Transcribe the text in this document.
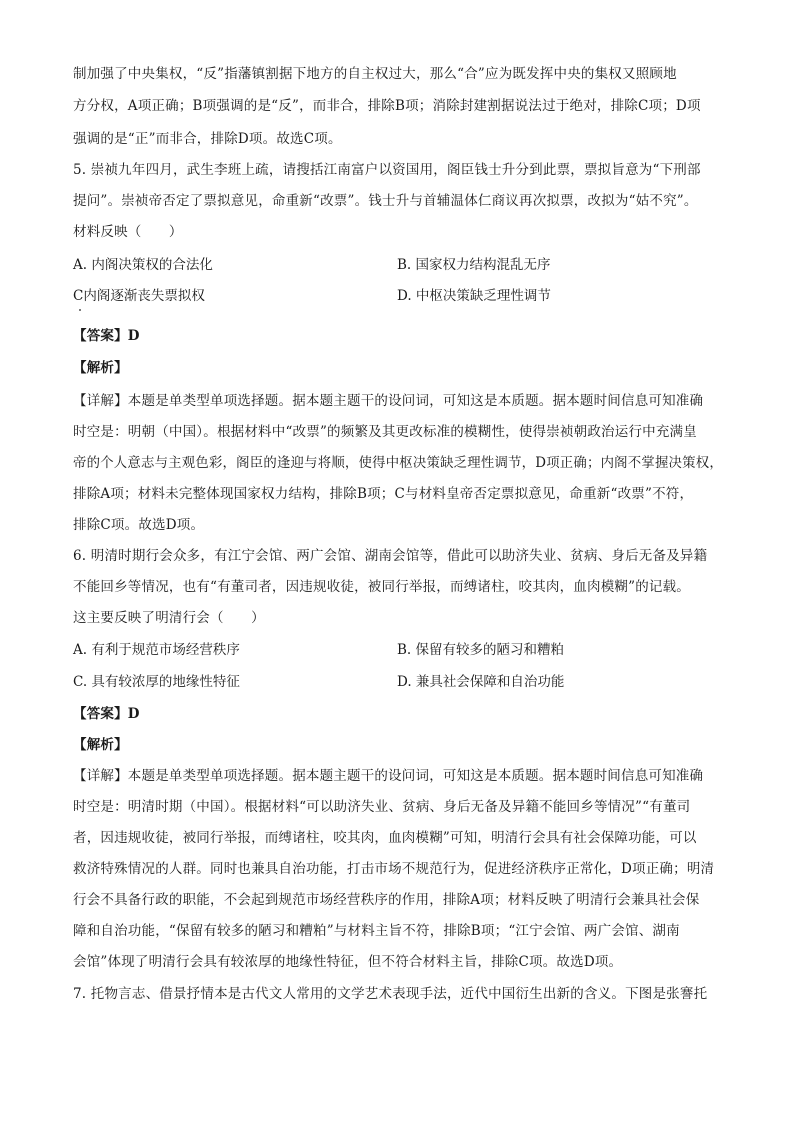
制加强了中央集权，“反”指藩镇割据下地方的自主权过大，那么“合”应为既发挥中央的集权又照顾地
方分权，A项正确；B项强调的是“反”，而非合，排除B项；消除封建割据说法过于绝对，排除C项；D项
强调的是“正”而非合，排除D项。故选C项。
5. 崇祯九年四月，武生李班上疏，请搜括江南富户以资国用，阁臣钱士升分到此票，票拟旨意为“下刑部
提问”。崇祯帝否定了票拟意见，命重新“改票”。钱士升与首辅温体仁商议再次拟票，改拟为“姑不究”。
材料反映（　　）
A. 内阁决策权的合法化	B. 国家权力结构混乱无序
C内阁逐渐丧失票拟权	D. 中枢决策缺乏理性调节
【答案】D
【解析】
【详解】本题是单类型单项选择题。据本题主题干的设问词，可知这是本质题。据本题时间信息可知准确
时空是：明朝（中国）。根据材料中“改票”的频繁及其更改标准的模糊性，使得崇祯朝政治运行中充满皇
帝的个人意志与主观色彩，阁臣的逢迎与将顺，使得中枢决策缺乏理性调节，D项正确；内阁不掌握决策权，
排除A项；材料未完整体现国家权力结构，排除B项；C与材料皇帝否定票拟意见，命重新“改票”不符，
排除C项。故选D项。
6. 明清时期行会众多，有江宁会馆、两广会馆、湖南会馆等，借此可以助济失业、贫病、身后无备及异籍
不能回乡等情况，也有“有董司者，因违规收徒，被同行举报，而缚诸柱，咬其肉，血肉模糊”的记载。
这主要反映了明清行会（　　）
A. 有利于规范市场经营秩序	B. 保留有较多的陋习和糟粕
C. 具有较浓厚的地缘性特征	D. 兼具社会保障和自治功能
【答案】D
【解析】
【详解】本题是单类型单项选择题。据本题主题干的设问词，可知这是本质题。据本题时间信息可知准确
时空是：明清时期（中国）。根据材料“可以助济失业、贫病、身后无备及异籍不能回乡等情况”“有董司
者，因违规收徒，被同行举报，而缚诸柱，咬其肉，血肉模糊”可知，明清行会具有社会保障功能，可以
救济特殊情况的人群。同时也兼具自治功能，打击市场不规范行为，促进经济秩序正常化，D项正确；明清
行会不具备行政的职能，不会起到规范市场经营秩序的作用，排除A项；材料反映了明清行会兼具社会保
障和自治功能，“保留有较多的陋习和糟粕”与材料主旨不符，排除B项；“江宁会馆、两广会馆、湖南
会馆”体现了明清行会具有较浓厚的地缘性特征，但不符合材料主旨，排除C项。故选D项。
7. 托物言志、借景抒情本是古代文人常用的文学艺术表现手法，近代中国衍生出新的含义。下图是张謇托
